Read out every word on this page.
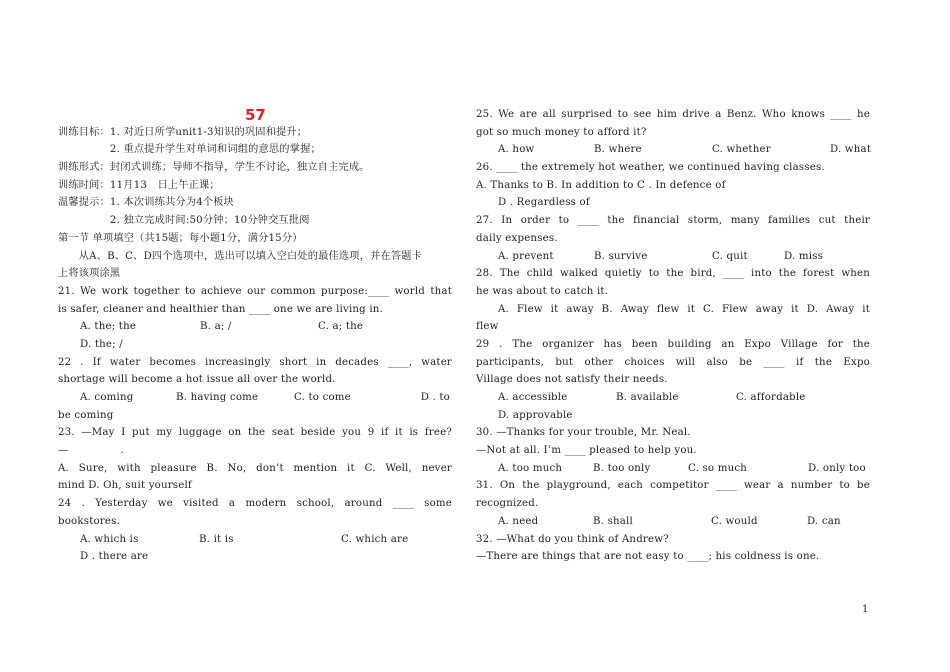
57
训练目标：1. 对近日所学unit1-3知识的巩固和提升；
　　　　　2. 重点提升学生对单词和词组的意思的掌握；
训练形式：封闭式训练；导师不指导，学生不讨论，独立自主完成。
训练时间：11月13　日上午正课；
温馨提示：1. 本次训练共分为4个板块
　　　　　2. 独立完成时间:50分钟；10分钟交互批阅
第一节 单项填空（共15题；每小题1分，满分15分）
　　从A、B、C、D四个选项中，选出可以填入空白处的最佳选项，并在答题卡
上将该项涂黑
21. We work together to achieve our common purpose:____ world that
is safer, cleaner and healthier than ____ one we are living in.
A. the; the	B. a; /	C. a; the
D. the; /
22 . If water becomes increasingly short in decades ____, water
shortage will become a hot issue all over the world.
A. coming	B. having come	C. to come	D . to
be coming
23. —May I put my luggage on the seat beside you 9 if it is free?
—　　　　　.
A. Sure, with pleasure B. No, don’t mention it C. Well, never
mind D. Oh, suit yourself
24 . Yesterday we visited a modern school, around ____ some
bookstores.
A. which is	B. it is	C. which are
D . there are
25. We are all surprised to see him drive a Benz. Who knows ____ he
got so much money to afford it?
A. how	B. where	C. whether	D. what
26. ____ the extremely hot weather, we continued having classes.
A. Thanks to B. In addition to C . In defence of
D . Regardless of
27. In order to ____ the financial storm, many families cut their
daily expenses.
A. prevent	B. survive	C. quit	D. miss
28. The child walked quietly to the bird, ____ into the forest when
he was about to catch it.
A. Flew it away B. Away flew it C. Flew away it D. Away it
flew
29 . The organizer has been building an Expo Village for the
participants, but other choices will also be ____ if the Expo
Village does not satisfy their needs.
A. accessible	B. available	C. affordable
D. approvable
30. —Thanks for your trouble, Mr. Neal.
—Not at all. I’m ____ pleased to help you.
A. too much	B. too only	C. so much	D. only too
31. On the playground, each competitor ____ wear a number to be
recognized.
A. need	B. shall	C. would	D. can
32. —What do you think of Andrew?
—There are things that are not easy to ____; his coldness is one.
1
